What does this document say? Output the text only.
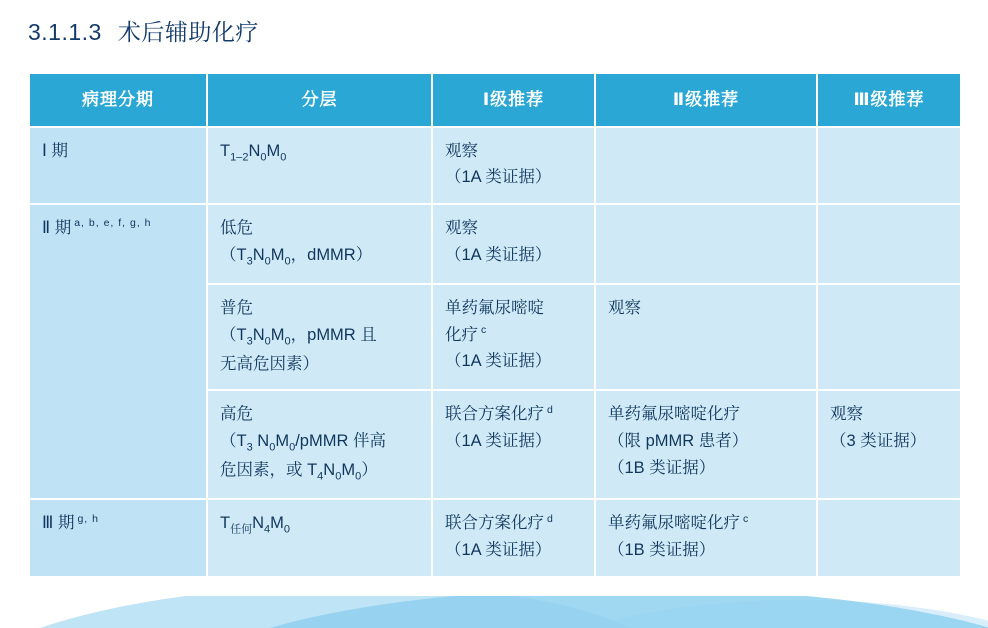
3.1.1.3 术后辅助化疗
病理分期	分层	Ⅰ级推荐	Ⅱ级推荐	Ⅲ级推荐

Ⅰ 期	$T_{1-2}N_0M_0$	观察
（1A 类证据）		

Ⅱ 期 $^{a, b, e, f, g, h}$	低危
（$T_3N_0M_0$，dMMR）	观察
（1A 类证据）		

	普危
（$T_3N_0M_0$，pMMR 且
无高危因素）	单药氟尿嘧啶
化疗 $^c$
（1A 类证据）	观察	

	高危
（$T_3$ $N_0M_0$/pMMR 伴高
危因素，或 $T_4N_0M_0$）	联合方案化疗 $^d$
（1A 类证据）	单药氟尿嘧啶化疗
（限 pMMR 患者）
（1B 类证据）	观察
（3 类证据）

Ⅲ 期 $^{g, h}$	$T_{任何}N_4M_0$	联合方案化疗 $^d$
（1A 类证据）	单药氟尿嘧啶化疗 $^c$
（1B 类证据）	
